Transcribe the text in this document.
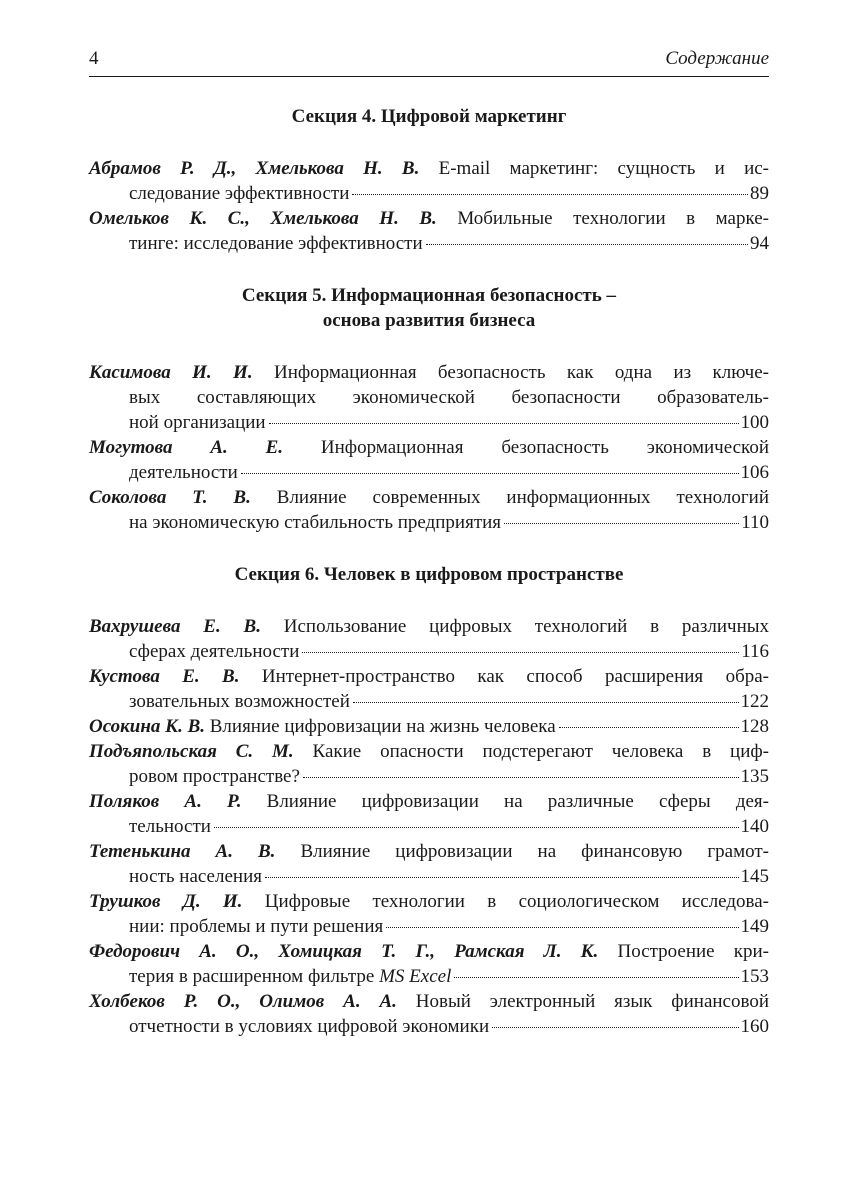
4	Содержание
Секция 4. Цифровой маркетинг
Абрамов Р. Д., Хмелькова Н. В. E-mail маркетинг: сущность и ис-
следование эффективности	89
Омельков К. С., Хмелькова Н. В. Мобильные технологии в марке-
тинге: исследование эффективности	94
Секция 5. Информационная безопасность –
основа развития бизнеса
Касимова И. И. Информационная безопасность как одна из ключе-
вых составляющих экономической безопасности образователь-
ной организации	100
Могутова А. Е. Информационная безопасность экономической
деятельности	106
Соколова Т. В. Влияние современных информационных технологий
на экономическую стабильность предприятия	110
Секция 6. Человек в цифровом пространстве
Вахрушева Е. В. Использование цифровых технологий в различных
сферах деятельности	116
Кустова Е. В. Интернет-пространство как способ расширения обра-
зовательных возможностей	122
Осокина К. В.
Влияние цифровизации на жизнь человека	128
Подъяпольская С. М. Какие опасности подстерегают человека в циф-
ровом пространстве?	135
Поляков А. Р. Влияние цифровизации на различные сферы дея-
тельности	140
Тетенькина А. В. Влияние цифровизации на финансовую грамот-
ность населения	145
Трушков Д. И. Цифровые технологии в социологическом исследова-
нии: проблемы и пути решения	149
Федорович А. О., Хомицкая Т. Г., Рамская Л. К. Построение кри-
терия в расширенном фильтре MS Excel	153
Холбеков Р. О., Олимов А. А. Новый электронный язык финансовой
отчетности в условиях цифровой экономики	160
